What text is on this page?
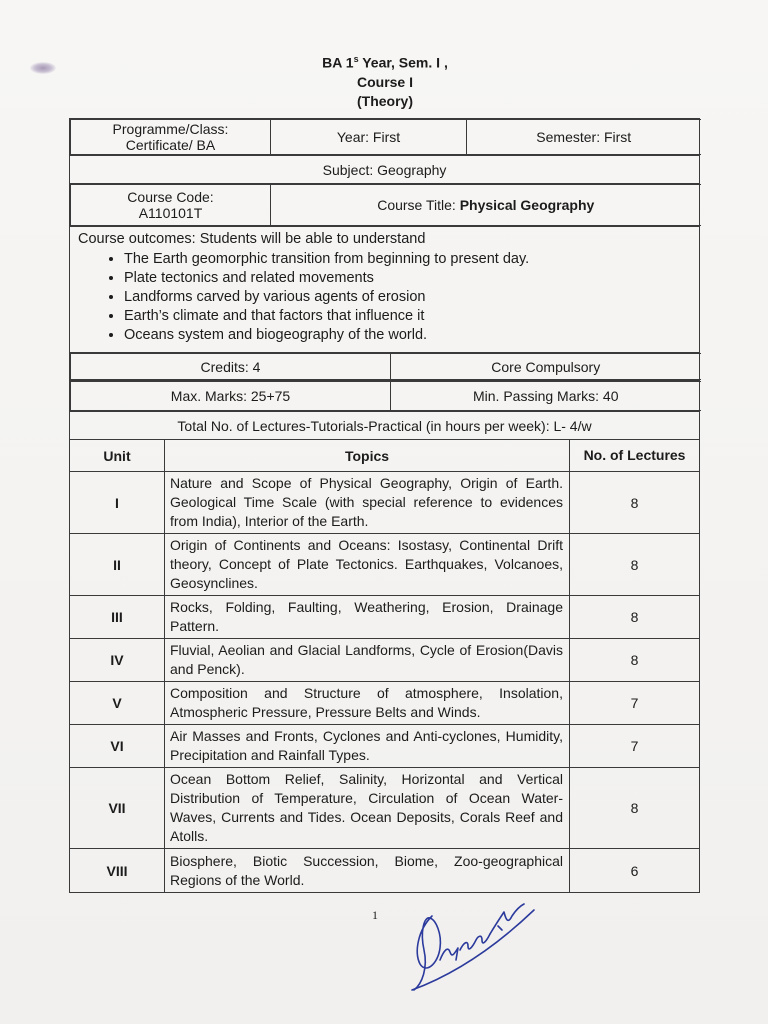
BA 1$^s$ Year, Sem. I ,
Course I
(Theory)
Programme/Class:
Certificate/ BA	Year: First	Semester: First

Subject: Geography

Course Code:
A110101T	Course Title: Physical Geography

Course outcomes: Students will be able to understand
• The Earth geomorphic transition from beginning to present day.
• Plate tectonics and related movements
• Landforms carved by various agents of erosion
• Earth’s climate and that factors that influence it
• Oceans system and biogeography of the world.

Credits: 4	Core Compulsory

Max. Marks: 25+75	Min. Passing Marks: 40

Total No. of Lectures-Tutorials-Practical (in hours per week): L- 4/w
Unit	Topics	No. of Lectures
I	Nature and Scope of Physical Geography, Origin of Earth. Geological Time Scale (with special reference to evidences from India), Interior of the Earth.	8
II	Origin of Continents and Oceans: Isostasy, Continental Drift theory, Concept of Plate Tectonics. Earthquakes, Volcanoes, Geosynclines.	8
III	Rocks, Folding, Faulting, Weathering, Erosion, Drainage Pattern.	8
IV	Fluvial, Aeolian and Glacial Landforms, Cycle of Erosion(Davis and Penck).	8
V	Composition and Structure of atmosphere, Insolation, Atmospheric Pressure, Pressure Belts and Winds.	7
VI	Air Masses and Fronts, Cyclones and Anti-cyclones, Humidity, Precipitation and Rainfall Types.	7
VII	Ocean Bottom Relief, Salinity, Horizontal and Vertical Distribution of Temperature, Circulation of Ocean Water- Waves, Currents and Tides. Ocean Deposits, Corals Reef and Atolls.	8
VIII	Biosphere, Biotic Succession, Biome, Zoo-geographical Regions of the World.	6
1
